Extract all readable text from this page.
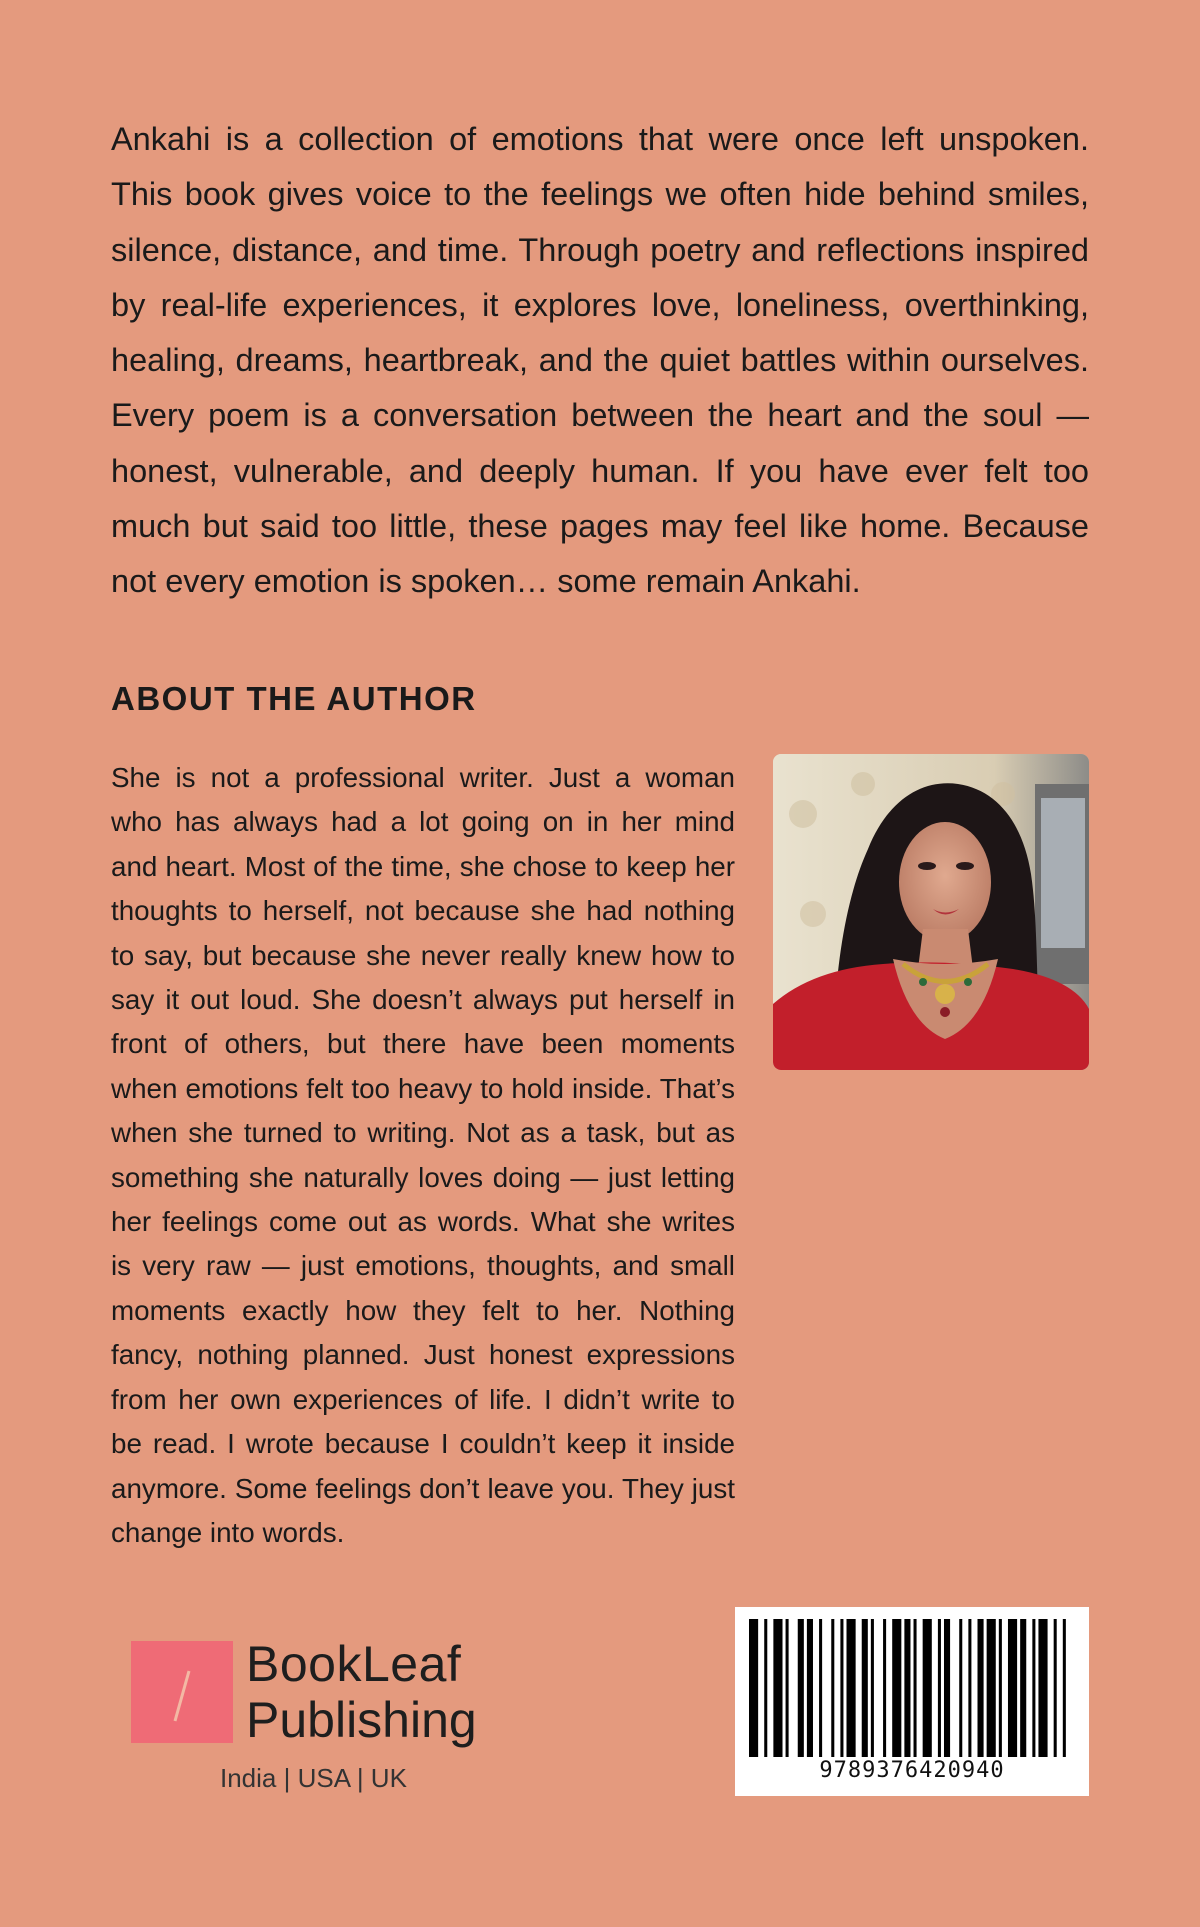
Ankahi is a collection of emotions that were once left unspoken. This book gives voice to the feelings we often hide behind smiles, silence, distance, and time. Through poetry and reflections inspired by real-life experiences, it explores love, loneliness, overthinking, healing, dreams, heartbreak, and the quiet battles within ourselves. Every poem is a conversation between the heart and the soul — honest, vulnerable, and deeply human. If you have ever felt too much but said too little, these pages may feel like home. Because not every emotion is spoken… some remain Ankahi.

ABOUT THE AUTHOR

She is not a professional writer. Just a woman who has always had a lot going on in her mind and heart. Most of the time, she chose to keep her thoughts to herself, not because she had nothing to say, but because she never really knew how to say it out loud. She doesn’t always put herself in front of others, but there have been moments when emotions felt too heavy to hold inside. That’s when she turned to writing. Not as a task, but as something she naturally loves doing — just letting her feelings come out as words. What she writes is very raw — just emotions, thoughts, and small moments exactly how they felt to her. Nothing fancy, nothing planned. Just honest expressions from her own experiences of life. I didn’t write to be read. I wrote because I couldn’t keep it inside anymore. Some feelings don’t leave you. They just change into words.

BookLeaf
Publishing
India | USA | UK	9789376420940
